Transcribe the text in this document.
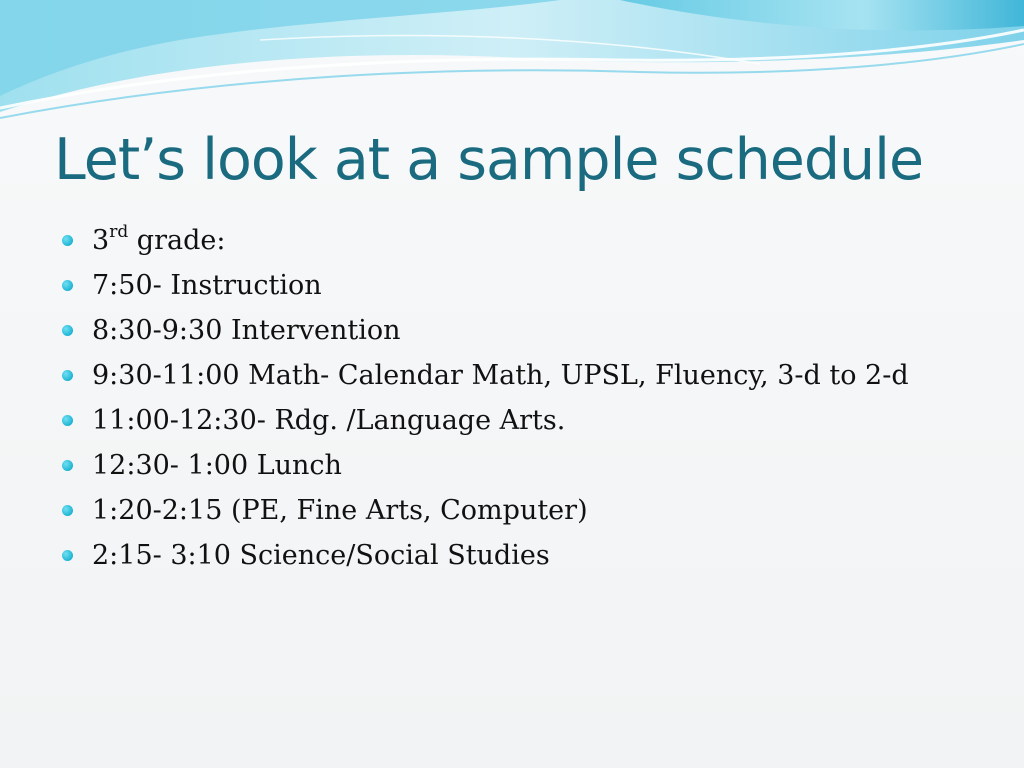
Let’s look at a sample schedule
3rd grade:
7:50- Instruction
8:30-9:30 Intervention
9:30-11:00 Math- Calendar Math, UPSL, Fluency, 3-d to 2-d
11:00-12:30- Rdg. /Language Arts.
12:30- 1:00 Lunch
1:20-2:15 (PE, Fine Arts, Computer)
2:15- 3:10 Science/Social Studies
